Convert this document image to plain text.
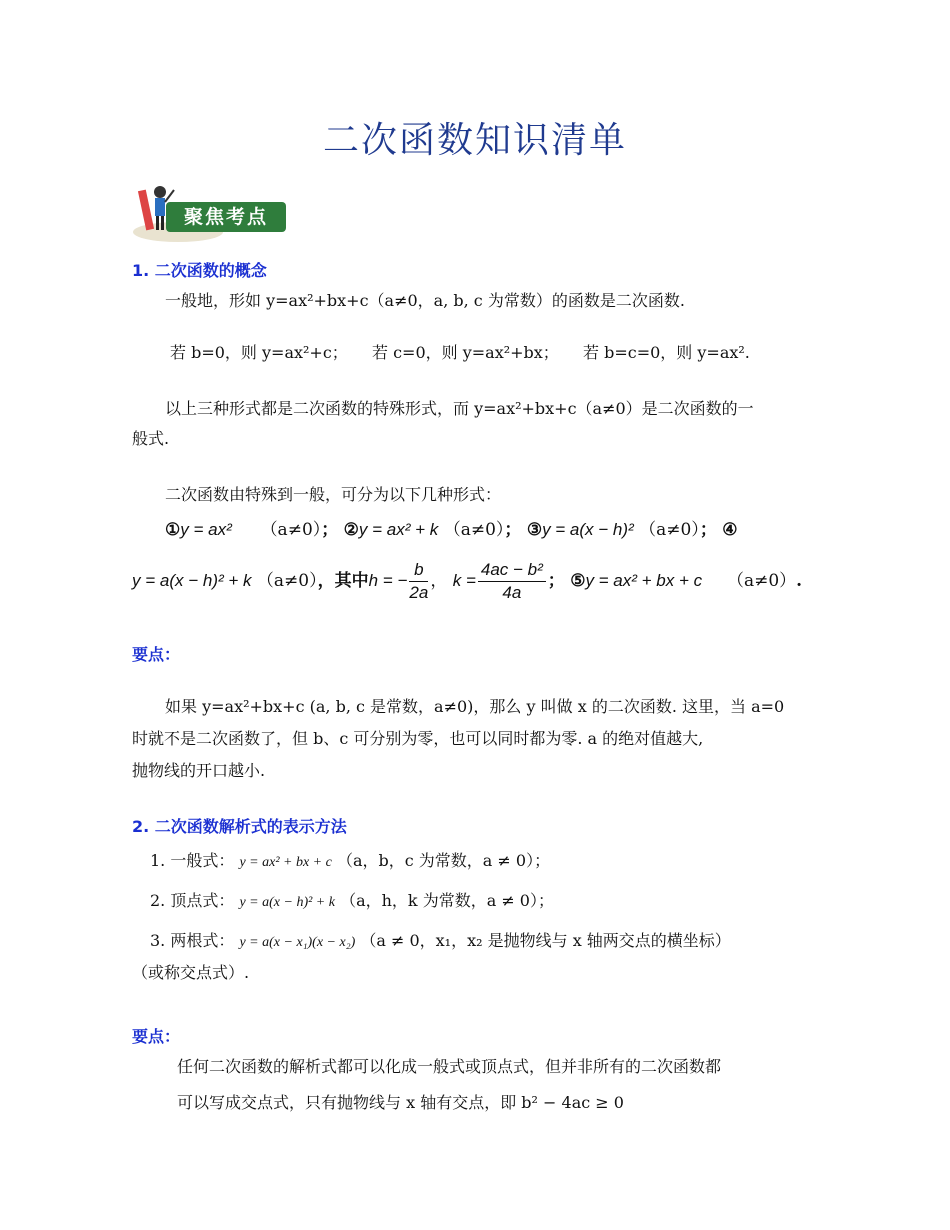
二次函数知识清单
聚焦考点
1. 二次函数的概念
一般地，形如 y=ax²+bx+c（a≠0，a, b, c 为常数）的函数是二次函数.
若 b=0，则 y=ax²+c； 若 c=0，则 y=ax²+bx； 若 b=c=0，则 y=ax².
以上三种形式都是二次函数的特殊形式，而 y=ax²+bx+c（a≠0）是二次函数的一
般式.
二次函数由特殊到一般，可分为以下几种形式：
①y = ax² （a≠0）； ②y = ax² + k （a≠0）； ③y = a(x − h)² （a≠0）； ④
y = a(x − h)² + k （a≠0），其中h = − $\frac{b}{2a}$ ， $k = \frac{\text{4ac − b²}}{4a}$ ； ⑤y = ax² + bx + c （a≠0）.
要点：
如果 y=ax²+bx+c (a, b, c 是常数，a≠0)，那么 y 叫做 x 的二次函数. 这里，当 a=0
时就不是二次函数了，但 b、c 可分别为零，也可以同时都为零. a 的绝对值越大,
抛物线的开口越小.
2. 二次函数解析式的表示方法
1. 一般式： y = ax² + bx + c （a，b，c 为常数，a ≠ 0）；
2. 顶点式： y = a(x − h)² + k （a，h，k 为常数，a ≠ 0）；
3. 两根式： y = a(x − x₁)(x − x₂) （a ≠ 0，x₁，x₂ 是抛物线与 x 轴两交点的横坐标）
（或称交点式）.
要点：
任何二次函数的解析式都可以化成一般式或顶点式，但并非所有的二次函数都
可以写成交点式，只有抛物线与 x 轴有交点，即 b² − 4ac ≥ 0
